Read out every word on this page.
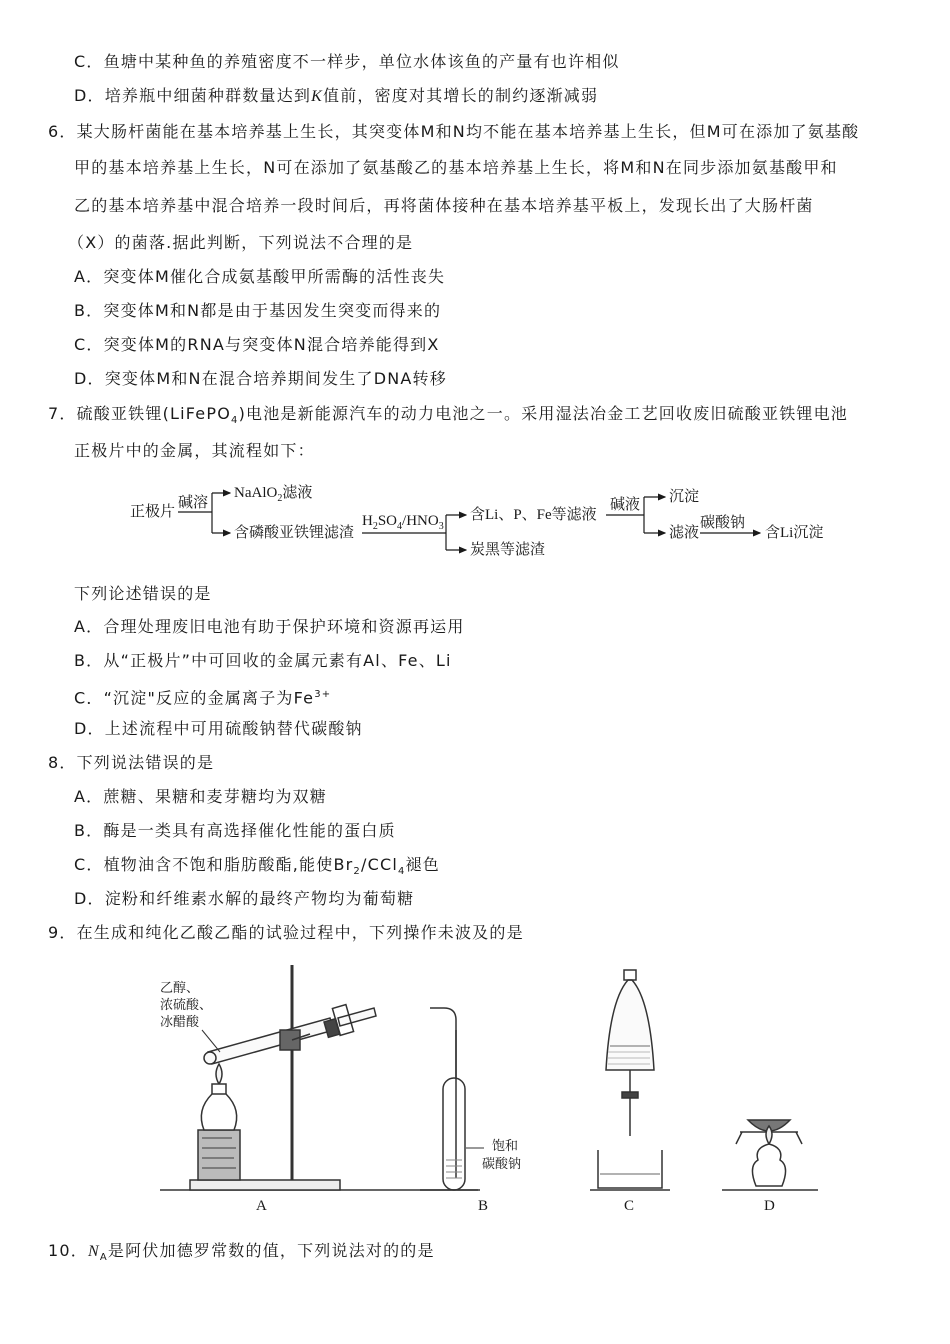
C．鱼塘中某种鱼的养殖密度不一样步，单位水体该鱼的产量有也许相似
D．培养瓶中细菌种群数量达到K值前，密度对其增长的制约逐渐减弱
6．某大肠杆菌能在基本培养基上生长，其突变体M和N均不能在基本培养基上生长，但M可在添加了氨基酸
甲的基本培养基上生长，N可在添加了氨基酸乙的基本培养基上生长，将M和N在同步添加氨基酸甲和
乙的基本培养基中混合培养一段时间后，再将菌体接种在基本培养基平板上，发现长出了大肠杆菌
（X）的菌落.据此判断，下列说法不合理的是
A．突变体M催化合成氨基酸甲所需酶的活性丧失
B．突变体M和N都是由于基因发生突变而得来的
C．突变体M的RNA与突变体N混合培养能得到X
D．突变体M和N在混合培养期间发生了DNA转移
7．硫酸亚铁锂(LiFePO$_4$)电池是新能源汽车的动力电池之一。采用湿法冶金工艺回收废旧硫酸亚铁锂电池
正极片中的金属，其流程如下：
正极片
碱溶
NaAlO$_2$滤液
含磷酸亚铁锂滤渣
$H_2SO_4/HNO_3$
含Li、P、Fe等滤液
炭黑等滤渣
碱液 沉淀
滤液
碳酸钠
含Li沉淀
下列论述错误的是
A．合理处理废旧电池有助于保护环境和资源再运用
B．从“正极片”中可回收的金属元素有Al、Fe、Li
C．“沉淀"反应的金属离子为$Fe^{3+}$
D．上述流程中可用硫酸钠替代碳酸钠
8．下列说法错误的是
A．蔗糖、果糖和麦芽糖均为双糖
B．酶是一类具有高选择催化性能的蛋白质
C．植物油含不饱和脂肪酸酯,能使$Br_2/CCl_4$褪色
D．淀粉和纤维素水解的最终产物均为葡萄糖
9．在生成和纯化乙酸乙酯的试验过程中，下列操作未波及的是
乙醇、
浓硫酸、
冰醋酸
饱和
碳酸钠
A	B	C	D
10．$N_A$是阿伏加德罗常数的值，下列说法对的的是
